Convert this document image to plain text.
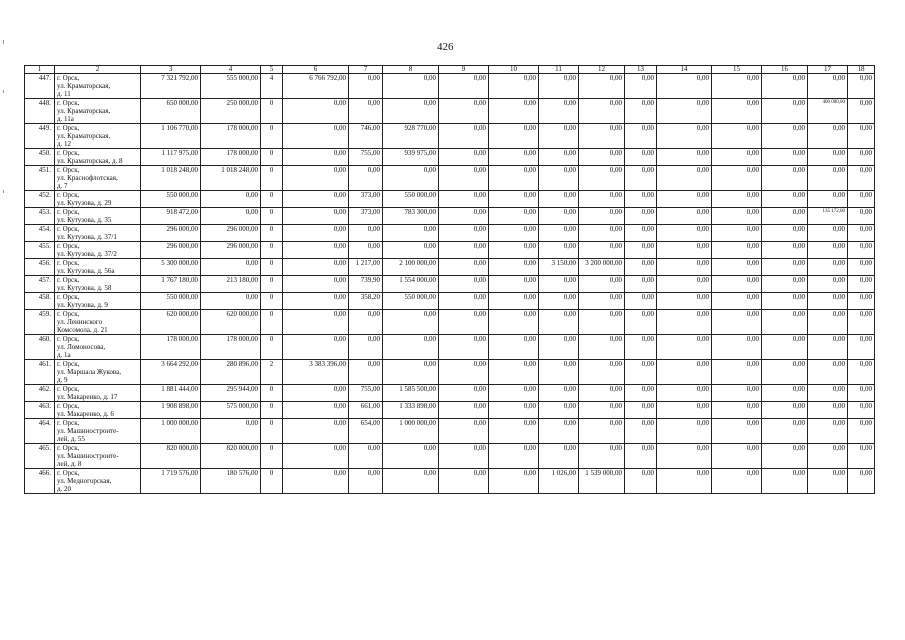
426
1	2	3	4	5	6	7	8	9	10	11	12	13	14	15	16	17	18
447.	г. Орск,
ул. Краматорская,
д. 11	7 321 792,00	555 000,00	4	6 766 792,00	0,00	0,00	0,00	0,00	0,00	0,00	0,00	0,00	0,00	0,00	0,00	0,00
448.	г. Орск,
ул. Краматорская,
д. 11а	650 000,00	250 000,00	0	0,00	0,00	0,00	0,00	0,00	0,00	0,00	0,00	0,00	0,00	0,00	400 000,00	0,00
449.	г. Орск,
ул. Краматорская,
д. 12	1 106 770,00	178 000,00	0	0,00	746,00	928 770,00	0,00	0,00	0,00	0,00	0,00	0,00	0,00	0,00	0,00	0,00
450.	г. Орск,
ул. Краматорская, д. 8	1 117 975,00	178 000,00	0	0,00	755,00	939 975,00	0,00	0,00	0,00	0,00	0,00	0,00	0,00	0,00	0,00	0,00
451.	г. Орск,
ул. Краснофлотская,
д. 7	1 018 248,00	1 018 248,00	0	0,00	0,00	0,00	0,00	0,00	0,00	0,00	0,00	0,00	0,00	0,00	0,00	0,00
452.	г. Орск,
ул. Кутузова, д. 29	550 000,00	0,00	0	0,00	373,00	550 000,00	0,00	0,00	0,00	0,00	0,00	0,00	0,00	0,00	0,00	0,00
453.	г. Орск,
ул. Кутузова, д. 35	918 472,00	0,00	0	0,00	373,00	783 300,00	0,00	0,00	0,00	0,00	0,00	0,00	0,00	0,00	135 172,00	0,00
454.	г. Орск,
ул. Кутузова, д. 37/1	296 000,00	296 000,00	0	0,00	0,00	0,00	0,00	0,00	0,00	0,00	0,00	0,00	0,00	0,00	0,00	0,00
455.	г. Орск,
ул. Кутузова, д. 37/2	296 000,00	296 000,00	0	0,00	0,00	0,00	0,00	0,00	0,00	0,00	0,00	0,00	0,00	0,00	0,00	0,00
456.	г. Орск,
ул. Кутузова, д. 56а	5 300 000,00	0,00	0	0,00	1 217,00	2 100 000,00	0,00	0,00	3 150,00	3 200 000,00	0,00	0,00	0,00	0,00	0,00	0,00
457.	г. Орск,
ул. Кутузова, д. 58	1 767 180,00	213 180,00	0	0,00	739,90	1 554 000,00	0,00	0,00	0,00	0,00	0,00	0,00	0,00	0,00	0,00	0,00
458.	г. Орск,
ул. Кутузова, д. 9	550 000,00	0,00	0	0,00	358,20	550 000,00	0,00	0,00	0,00	0,00	0,00	0,00	0,00	0,00	0,00	0,00
459.	г. Орск,
ул. Ленинского
Комсомола, д. 21	620 000,00	620 000,00	0	0,00	0,00	0,00	0,00	0,00	0,00	0,00	0,00	0,00	0,00	0,00	0,00	0,00
460.	г. Орск,
ул. Ломоносова,
д. 1а	178 000,00	178 000,00	0	0,00	0,00	0,00	0,00	0,00	0,00	0,00	0,00	0,00	0,00	0,00	0,00	0,00
461.	г. Орск,
ул. Маршала Жукова,
д. 9	3 664 292,00	280 896,00	2	3 383 396,00	0,00	0,00	0,00	0,00	0,00	0,00	0,00	0,00	0,00	0,00	0,00	0,00
462.	г. Орск,
ул. Макаренко, д. 17	1 881 444,00	295 944,00	0	0,00	755,00	1 585 500,00	0,00	0,00	0,00	0,00	0,00	0,00	0,00	0,00	0,00	0,00
463.	г. Орск,
ул. Макаренко, д. 6	1 908 898,00	575 000,00	0	0,00	661,00	1 333 898,00	0,00	0,00	0,00	0,00	0,00	0,00	0,00	0,00	0,00	0,00
464.	г. Орск,
ул. Машиностроите-
лей, д. 55	1 000 000,00	0,00	0	0,00	654,00	1 000 000,00	0,00	0,00	0,00	0,00	0,00	0,00	0,00	0,00	0,00	0,00
465.	г. Орск,
ул. Машиностроите-
лей, д. 8	820 000,00	820 000,00	0	0,00	0,00	0,00	0,00	0,00	0,00	0,00	0,00	0,00	0,00	0,00	0,00	0,00
466.	г. Орск,
ул. Медногорская,
д. 20	1 719 576,00	180 576,00	0	0,00	0,00	0,00	0,00	0,00	1 026,00	1 539 000,00	0,00	0,00	0,00	0,00	0,00	0,00
